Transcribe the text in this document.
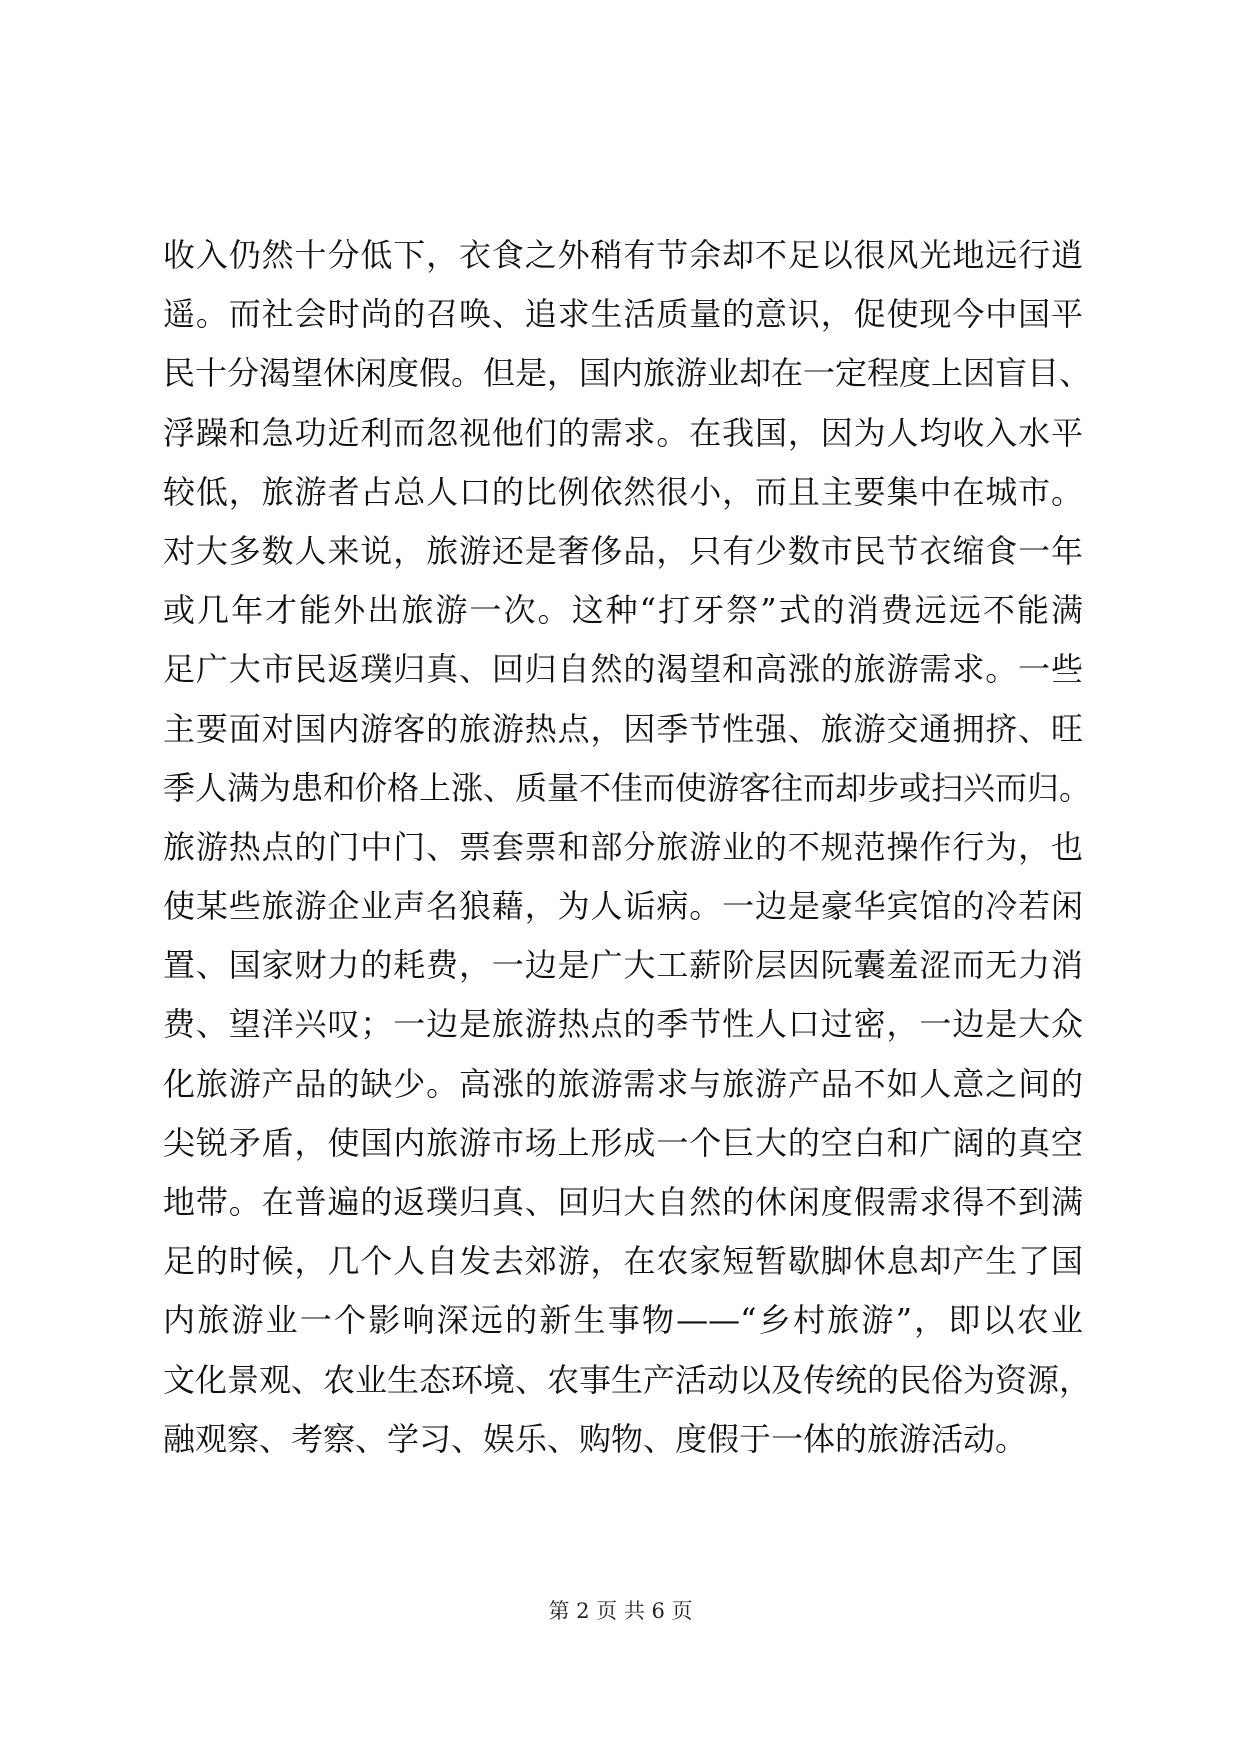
收入仍然十分低下，衣食之外稍有节余却不足以很风光地远行逍
遥。而社会时尚的召唤、追求生活质量的意识，促使现今中国平
民十分渴望休闲度假。但是，国内旅游业却在一定程度上因盲目、
浮躁和急功近利而忽视他们的需求。在我国，因为人均收入水平
较低，旅游者占总人口的比例依然很小，而且主要集中在城市。
对大多数人来说，旅游还是奢侈品，只有少数市民节衣缩食一年
或几年才能外出旅游一次。这种“打牙祭”式的消费远远不能满
足广大市民返璞归真、回归自然的渴望和高涨的旅游需求。一些
主要面对国内游客的旅游热点，因季节性强、旅游交通拥挤、旺
季人满为患和价格上涨、质量不佳而使游客往而却步或扫兴而归。
旅游热点的门中门、票套票和部分旅游业的不规范操作行为，也
使某些旅游企业声名狼藉，为人诟病。一边是豪华宾馆的冷若闲
置、国家财力的耗费，一边是广大工薪阶层因阮囊羞涩而无力消
费、望洋兴叹；一边是旅游热点的季节性人口过密，一边是大众
化旅游产品的缺少。高涨的旅游需求与旅游产品不如人意之间的
尖锐矛盾，使国内旅游市场上形成一个巨大的空白和广阔的真空
地带。在普遍的返璞归真、回归大自然的休闲度假需求得不到满
足的时候，几个人自发去郊游，在农家短暂歇脚休息却产生了国
内旅游业一个影响深远的新生事物——“乡村旅游”，即以农业
文化景观、农业生态环境、农事生产活动以及传统的民俗为资源，
融观察、考察、学习、娱乐、购物、度假于一体的旅游活动。
第 2 页 共 6 页
